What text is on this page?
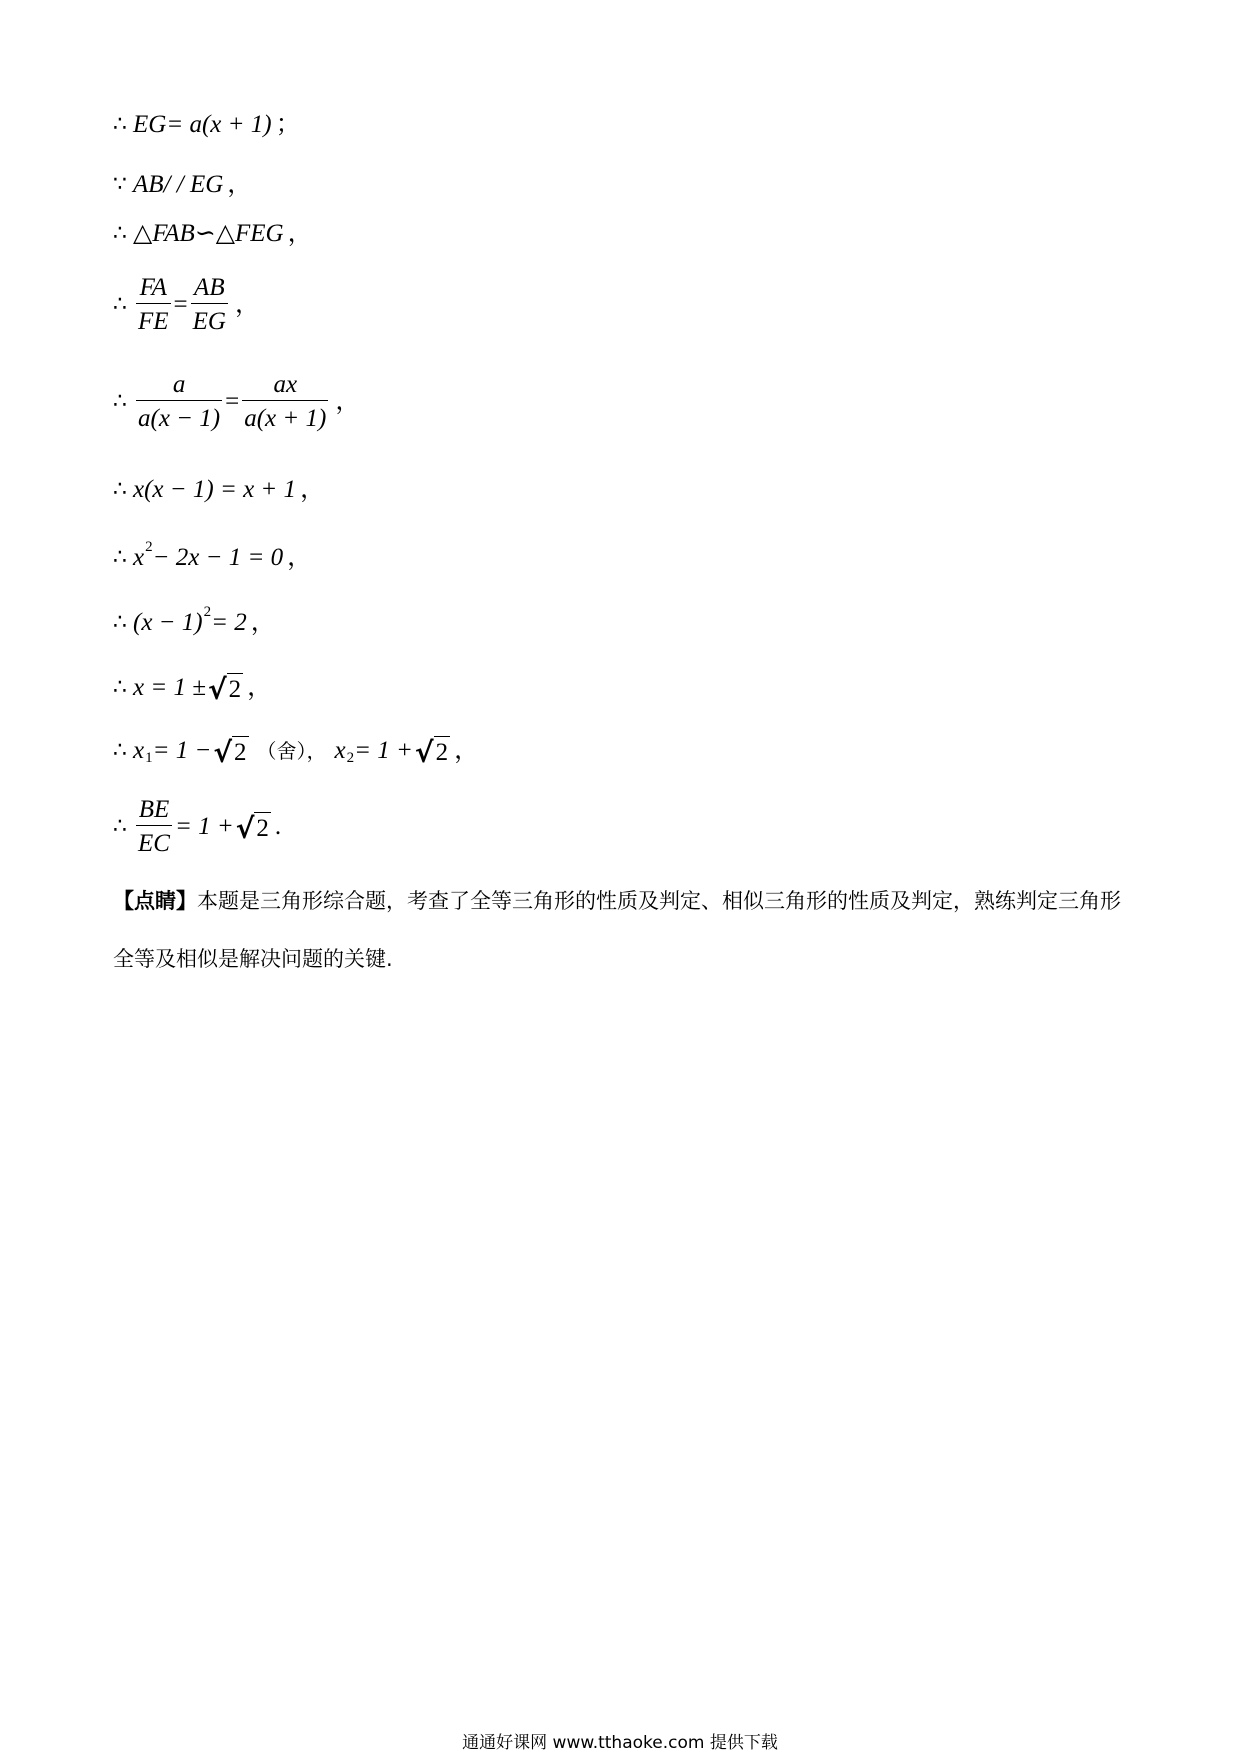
∴ EG = a(x + 1) ；
∵ AB / / EG ，
∴ △FAB∽△FEG ，
∴ $\frac{FA}{FE} = \frac{AB}{EG}$ ，
∴ $\frac{a}{a(x - 1)} = \frac{ax}{a(x + 1)}$ ，
∴ x(x − 1) = x + 1 ，
∴ x 2 − 2x − 1 = 0 ，
∴ (x − 1) 2 = 2 ，
∴ x = 1 ± √ 2 ，
∴ x 1 = 1 − √ 2 （舍）， x 2 = 1 + √ 2 ，
∴ $\frac{BE}{EC} = 1$ + √ 2 .
【点睛】本题是三角形综合题，考查了全等三角形的性质及判定、相似三角形的性质及判定，熟练判定三角形全等及相似是解决问题的关键.
通通好课网 www.tthaoke.com 提供下载
